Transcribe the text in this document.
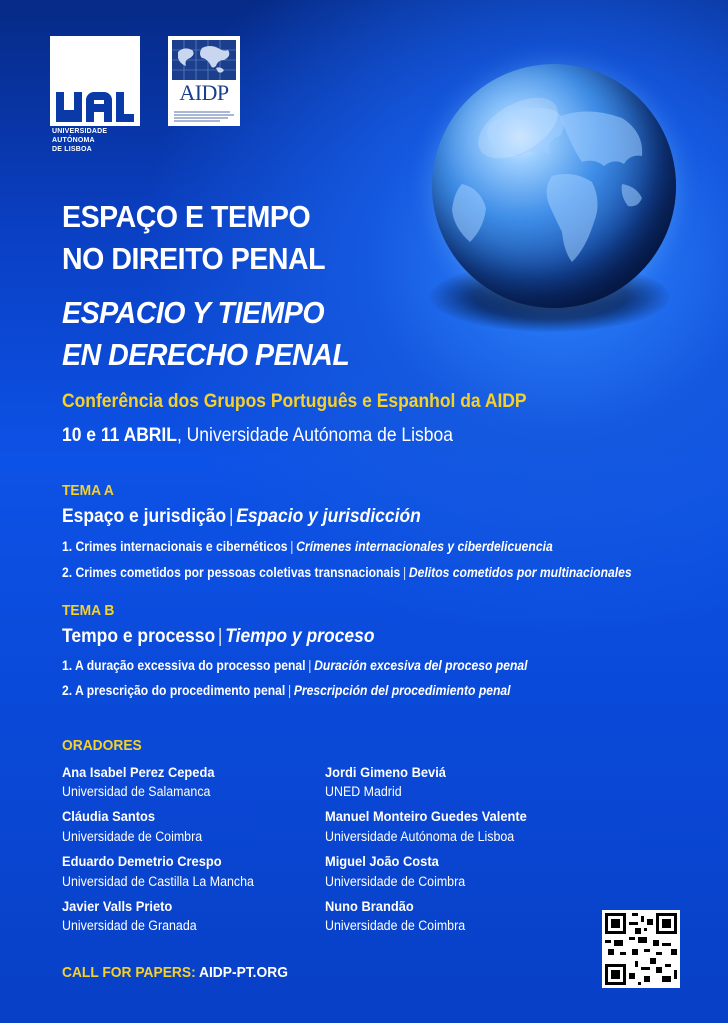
UNIVERSIDADE
AUTÓNOMA
DE LISBOA
AIDP
ESPAÇO E TEMPO
NO DIREITO PENAL
ESPACIO Y TIEMPO
EN DERECHO PENAL
Conferência dos Grupos Português e Espanhol da AIDP
10 e 11 ABRIL, Universidade Autónoma de Lisboa
TEMA A
Espaço e jurisdição | Espacio y jurisdicción
1. Crimes internacionais e cibernéticos | Crímenes internacionales y ciberdelicuencia
2. Crimes cometidos por pessoas coletivas transnacionais | Delitos cometidos por multinacionales
TEMA B
Tempo e processo | Tiempo y proceso
1. A duração excessiva do processo penal | Duración excesiva del proceso penal
2. A prescrição do procedimento penal | Prescripción del procedimiento penal
ORADORES
Ana Isabel Perez Cepeda
Universidad de Salamanca
Cláudia Santos
Universidade de Coimbra
Eduardo Demetrio Crespo
Universidad de Castilla La Mancha
Javier Valls Prieto
Universidad de Granada
Jordi Gimeno Beviá
UNED Madrid
Manuel Monteiro Guedes Valente
Universidade Autónoma de Lisboa
Miguel João Costa
Universidade de Coimbra
Nuno Brandão
Universidade de Coimbra
CALL FOR PAPERS: AIDP-PT.ORG
